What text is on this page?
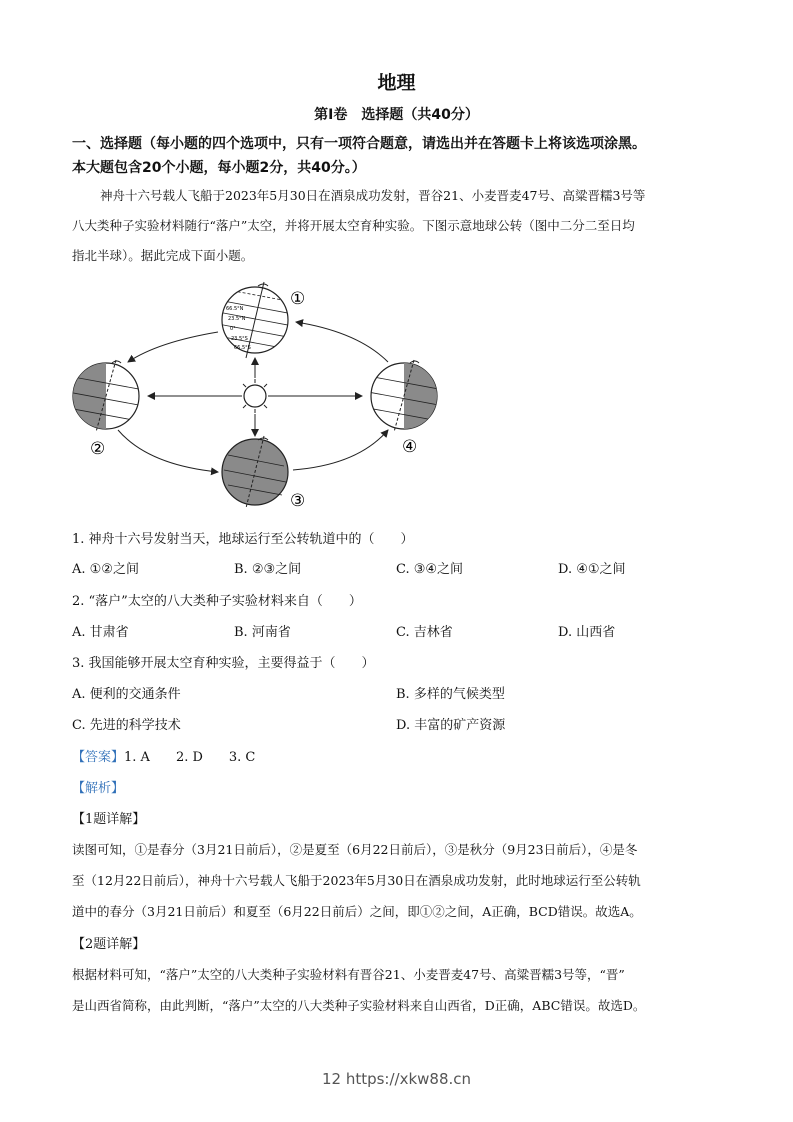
地理
第Ⅰ卷　选择题（共40分）
一、选择题（每小题的四个选项中，只有一项符合题意，请选出并在答题卡上将该选项涂黑。
本大题包含20个小题，每小题2分，共40分。）
神舟十六号载人飞船于2023年5月30日在酒泉成功发射，晋谷21、小麦晋麦47号、高粱晋糯3号等
八大类种子实验材料随行“落户”太空，并将开展太空育种实验。下图示意地球公转（图中二分二至日均
指北半球）。据此完成下面小题。
66.5°N
23.5°N
0°
23.5°S
66.5°S
①
②
③
④
1. 神舟十六号发射当天，地球运行至公转轨道中的（　　）
A. ①②之间	B. ②③之间	C. ③④之间	D. ④①之间
2. “落户”太空的八大类种子实验材料来自（　　）
A. 甘肃省	B. 河南省	C. 吉林省	D. 山西省
3. 我国能够开展太空育种实验，主要得益于（　　）
A. 便利的交通条件	B. 多样的气候类型
C. 先进的科学技术	D. 丰富的矿产资源
【答案】1. A　　2. D　　3. C
【解析】
【1题详解】
读图可知，①是春分（3月21日前后），②是夏至（6月22日前后），③是秋分（9月23日前后），④是冬
至（12月22日前后），神舟十六号载人飞船于2023年5月30日在酒泉成功发射，此时地球运行至公转轨
道中的春分（3月21日前后）和夏至（6月22日前后）之间，即①②之间，A正确，BCD错误。故选A。
【2题详解】
根据材料可知，“落户”太空的八大类种子实验材料有晋谷21、小麦晋麦47号、高粱晋糯3号等，“晋”
是山西省简称，由此判断，“落户”太空的八大类种子实验材料来自山西省，D正确，ABC错误。故选D。
12 https://xkw88.cn
